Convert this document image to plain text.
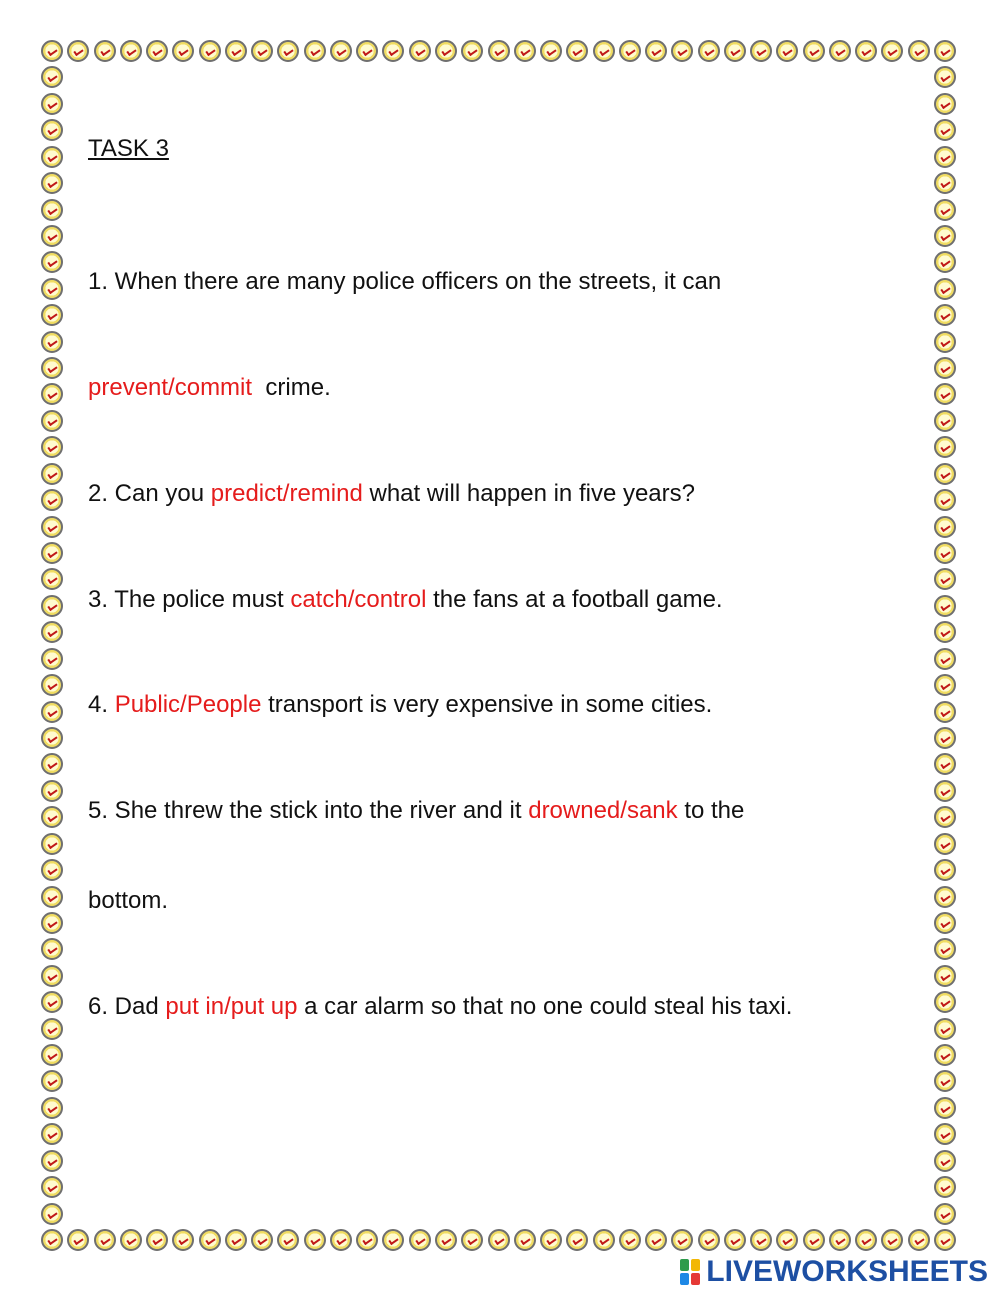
TASK 3
1. When there are many police officers on the streets, it can
prevent/commit  crime.
2. Can you predict/remind what will happen in five years?
3. The police must catch/control the fans at a football game.
4. Public/People transport is very expensive in some cities.
5. She threw the stick into the river and it drowned/sank to the
bottom.
6. Dad put in/put up a car alarm so that no one could steal his taxi.
LIVEWORKSHEETS
